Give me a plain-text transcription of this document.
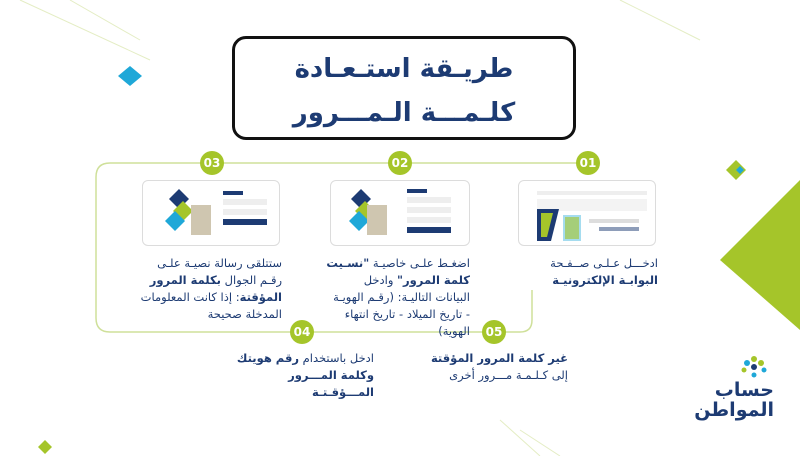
طريـقة استـعـادة
كلـمـــة الـمـــرور
01
02
03
04	05
ادخـــل عـلـى صــفـحة
البوابـة الإلكترونيـة
اضغـط علـى خاصيـة "نسـيت كلمة المرور" وادخل البيانات التاليـة: (رقـم الهويـة - تاريخ الميلاد - تاريخ انتهاء الهوية)
ستتلقى رسالة نصيـة علـى رقـم الجوال بكلمة المرور المؤقتة: إذا كانت المعلومات المدخلة صحيحة
ادخل باستخدام رقم هويتك وكلمة المـــرور المـــؤقـتـة
غير كلمة المرور المؤقتة
إلى كـلـمـة مـــرور أخرى
حساب
المواطن
